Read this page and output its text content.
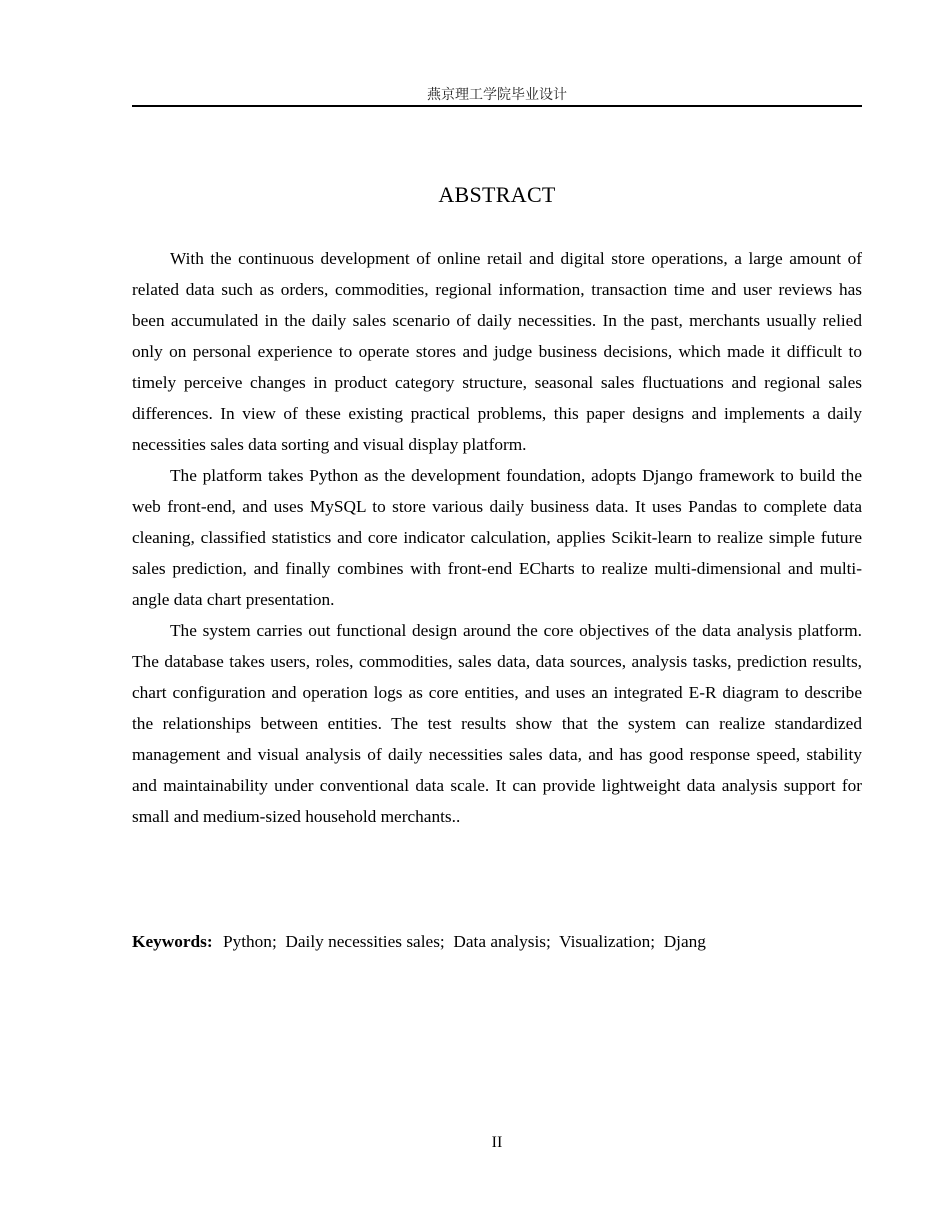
燕京理工学院毕业设计
ABSTRACT

With the continuous development of online retail and digital store operations, a large amount of related data such as orders, commodities, regional information, transaction time and user reviews has been accumulated in the daily sales scenario of daily necessities. In the past, merchants usually relied only on personal experience to operate stores and judge business decisions, which made it difficult to timely perceive changes in product category structure, seasonal sales fluctuations and regional sales differences. In view of these existing practical problems, this paper designs and implements a daily necessities sales data sorting and visual display platform.

The platform takes Python as the development foundation, adopts Django framework to build the web front-end, and uses MySQL to store various daily business data. It uses Pandas to complete data cleaning, classified statistics and core indicator calculation, applies Scikit-learn to realize simple future sales prediction, and finally combines with front-end ECharts to realize multi-dimensional and multi-angle data chart presentation.

The system carries out functional design around the core objectives of the data analysis platform. The database takes users, roles, commodities, sales data, data sources, analysis tasks, prediction results, chart configuration and operation logs as core entities, and uses an integrated E-R diagram to describe the relationships between entities. The test results show that the system can realize standardized management and visual analysis of daily necessities sales data, and has good response speed, stability and maintainability under conventional data scale. It can provide lightweight data analysis support for small and medium-sized household merchants..

Keywords: Python; Daily necessities sales; Data analysis; Visualization; Djang
II
